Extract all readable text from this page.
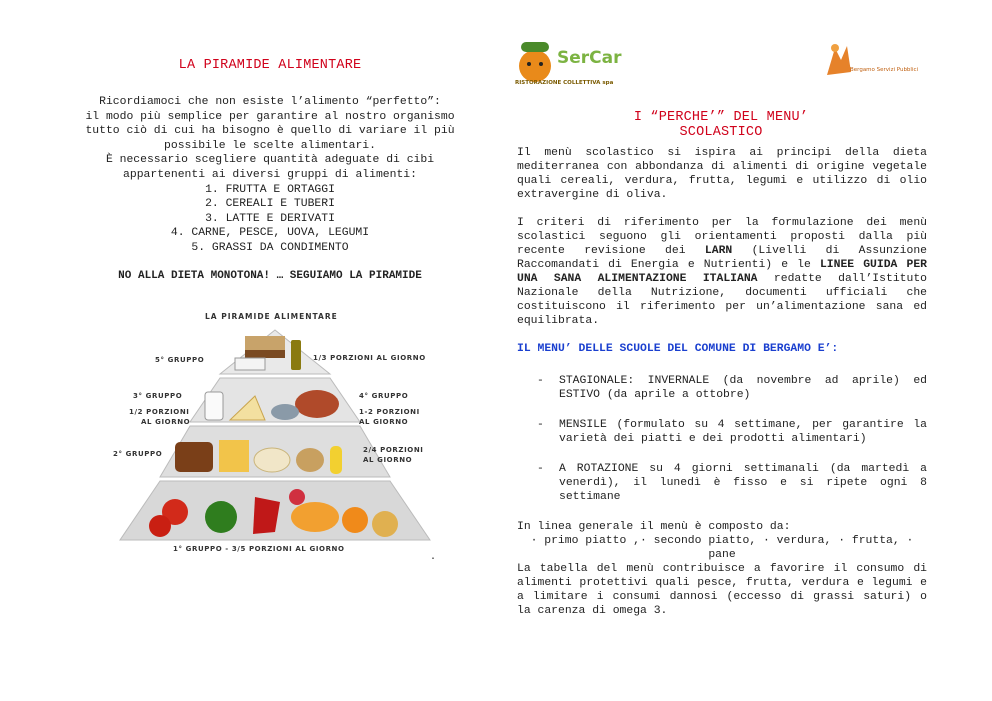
LA PIRAMIDE ALIMENTARE
Ricordiamoci che non esiste l’alimento “perfetto”:
il modo più semplice per garantire al nostro organismo
tutto ciò di cui ha bisogno è quello di variare il più
possibile le scelte alimentari.
È necessario scegliere quantità adeguate di cibi
appartenenti ai diversi gruppi di alimenti:
1. FRUTTA E ORTAGGI
2. CEREALI E TUBERI
3. LATTE E DERIVATI
4. CARNE, PESCE, UOVA, LEGUMI
5. GRASSI DA CONDIMENTO
NO ALLA DIETA MONOTONA! … SEGUIAMO LA PIRAMIDE
LA PIRAMIDE ALIMENTARE
5° GRUPPO	1/3 PORZIONI AL GIORNO
3° GRUPPO
1/2 PORZIONI
AL GIORNO
4° GRUPPO
1-2 PORZIONI
AL GIORNO
2° GRUPPO	2/4 PORZIONI
AL GIORNO
1° GRUPPO - 3/5 PORZIONI AL GIORNO
.
SerCar
RISTORAZIONE COLLETTIVA spa
Bergamo Servizi Pubblici
I “PERCHE’” DEL MENU’
SCOLASTICO

Il menù scolastico si ispira ai principi della dieta mediterranea con abbondanza di alimenti di origine vegetale quali cereali, verdura, frutta, legumi e utilizzo di olio extravergine di oliva.

I criteri di riferimento per la formulazione dei menù scolastici seguono gli orientamenti proposti dalla più recente revisione dei LARN (Livelli di Assunzione Raccomandati di Energia e Nutrienti) e le LINEE GUIDA PER UNA SANA ALIMENTAZIONE ITALIANA redatte dall’Istituto Nazionale della Nutrizione, documenti ufficiali che costituiscono il riferimento per un’alimentazione sana ed equilibrata.

IL MENU’ DELLE SCUOLE DEL COMUNE DI BERGAMO E’:
-	STAGIONALE: INVERNALE (da novembre ad aprile) ed ESTIVO (da aprile a ottobre)
-	MENSILE (formulato su 4 settimane, per garantire la varietà dei piatti e dei prodotti alimentari)
-	A ROTAZIONE su 4 giorni settimanali (da martedì a venerdì), il lunedì è fisso e si ripete ogni 8 settimane
In linea generale il menù è composto da:
· primo piatto ,· secondo piatto, · verdura, · frutta, ·
pane
La tabella del menù contribuisce a favorire il consumo di alimenti protettivi quali pesce, frutta, verdura e legumi e a limitare i consumi dannosi (eccesso di grassi saturi) o la carenza di omega 3.
